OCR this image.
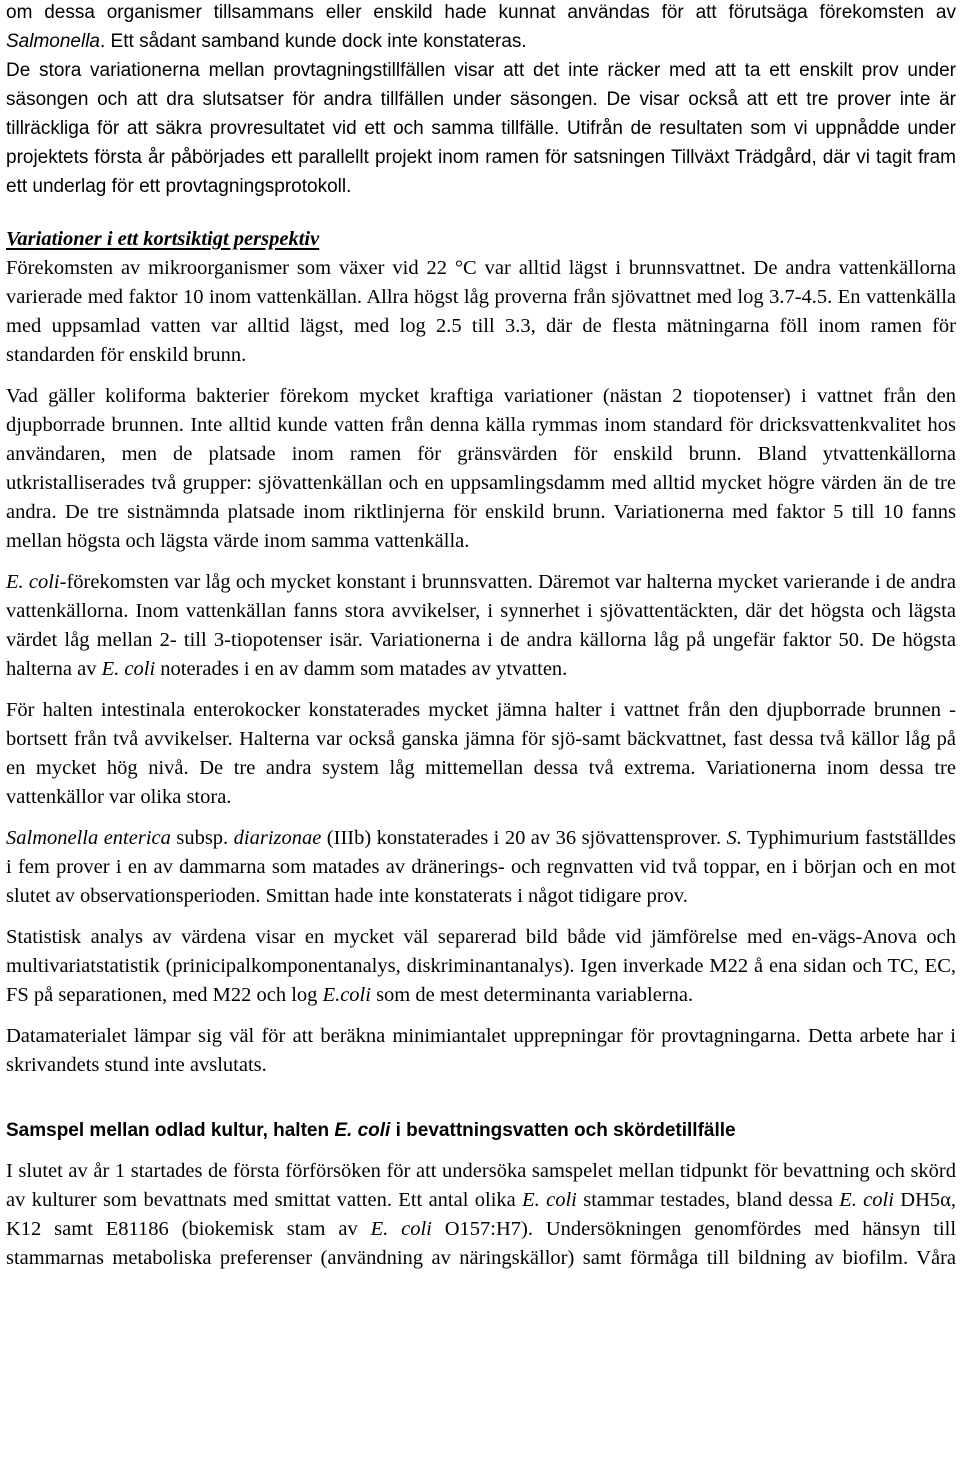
om dessa organismer tillsammans eller enskild hade kunnat användas för att förutsäga förekomsten av Salmonella. Ett sådant samband kunde dock inte konstateras.

De stora variationerna mellan provtagningstillfällen visar att det inte räcker med att ta ett enskilt prov under säsongen och att dra slutsatser för andra tillfällen under säsongen. De visar också att ett tre prover inte är tillräckliga för att säkra provresultatet vid ett och samma tillfälle. Utifrån de resultaten som vi uppnådde under projektets första år påbörjades ett parallellt projekt inom ramen för satsningen Tillväxt Trädgård, där vi tagit fram ett underlag för ett provtagningsprotokoll.

Variationer i ett kortsiktigt perspektiv

Förekomsten av mikroorganismer som växer vid 22 °C var alltid lägst i brunnsvattnet. De andra vattenkällorna varierade med faktor 10 inom vattenkällan. Allra högst låg proverna från sjövattnet med log 3.7-4.5. En vattenkälla med uppsamlad vatten var alltid lägst, med log 2.5 till 3.3, där de flesta mätningarna föll inom ramen för standarden för enskild brunn.

Vad gäller koliforma bakterier förekom mycket kraftiga variationer (nästan 2 tiopotenser) i vattnet från den djupborrade brunnen. Inte alltid kunde vatten från denna källa rymmas inom standard för dricksvattenkvalitet hos användaren, men de platsade inom ramen för gränsvärden för enskild brunn. Bland ytvattenkällorna utkristalliserades två grupper: sjövattenkällan och en uppsamlingsdamm med alltid mycket högre värden än de tre andra. De tre sistnämnda platsade inom riktlinjerna för enskild brunn. Variationerna med faktor 5 till 10 fanns mellan högsta och lägsta värde inom samma vattenkälla.

E. coli-förekomsten var låg och mycket konstant i brunnsvatten. Däremot var halterna mycket varierande i de andra vattenkällorna. Inom vattenkällan fanns stora avvikelser, i synnerhet i sjövattentäckten, där det högsta och lägsta värdet låg mellan 2- till 3-tiopotenser isär. Variationerna i de andra källorna låg på ungefär faktor 50. De högsta halterna av E. coli noterades i en av damm som matades av ytvatten.

För halten intestinala enterokocker konstaterades mycket jämna halter i vattnet från den djupborrade brunnen - bortsett från två avvikelser. Halterna var också ganska jämna för sjö-samt bäckvattnet, fast dessa två källor låg på en mycket hög nivå. De tre andra system låg mittemellan dessa två extrema. Variationerna inom dessa tre vattenkällor var olika stora.

Salmonella enterica subsp. diarizonae (IIIb) konstaterades i 20 av 36 sjövattensprover. S. Typhimurium fastställdes i fem prover i en av dammarna som matades av dränerings- och regnvatten vid två toppar, en i början och en mot slutet av observationsperioden. Smittan hade inte konstaterats i något tidigare prov.

Statistisk analys av värdena visar en mycket väl separerad bild både vid jämförelse med en-vägs-Anova och multivariatstatistik (prinicipalkomponentanalys, diskriminantanalys). Igen inverkade M22 å ena sidan och TC, EC, FS på separationen, med M22 och log E.coli som de mest determinanta variablerna.

Datamaterialet lämpar sig väl för att beräkna minimiantalet upprepningar för provtagningarna. Detta arbete har i skrivandets stund inte avslutats.

Samspel mellan odlad kultur, halten E. coli i bevattningsvatten och skördetillfälle

I slutet av år 1 startades de första förförsöken för att undersöka samspelet mellan tidpunkt för bevattning och skörd av kulturer som bevattnats med smittat vatten. Ett antal olika E. coli stammar testades, bland dessa E. coli DH5α, K12 samt E81186 (biokemisk stam av E. coli O157:H7). Undersökningen genomfördes med hänsyn till stammarnas metaboliska preferenser (användning av näringskällor) samt förmåga till bildning av biofilm. Våra
